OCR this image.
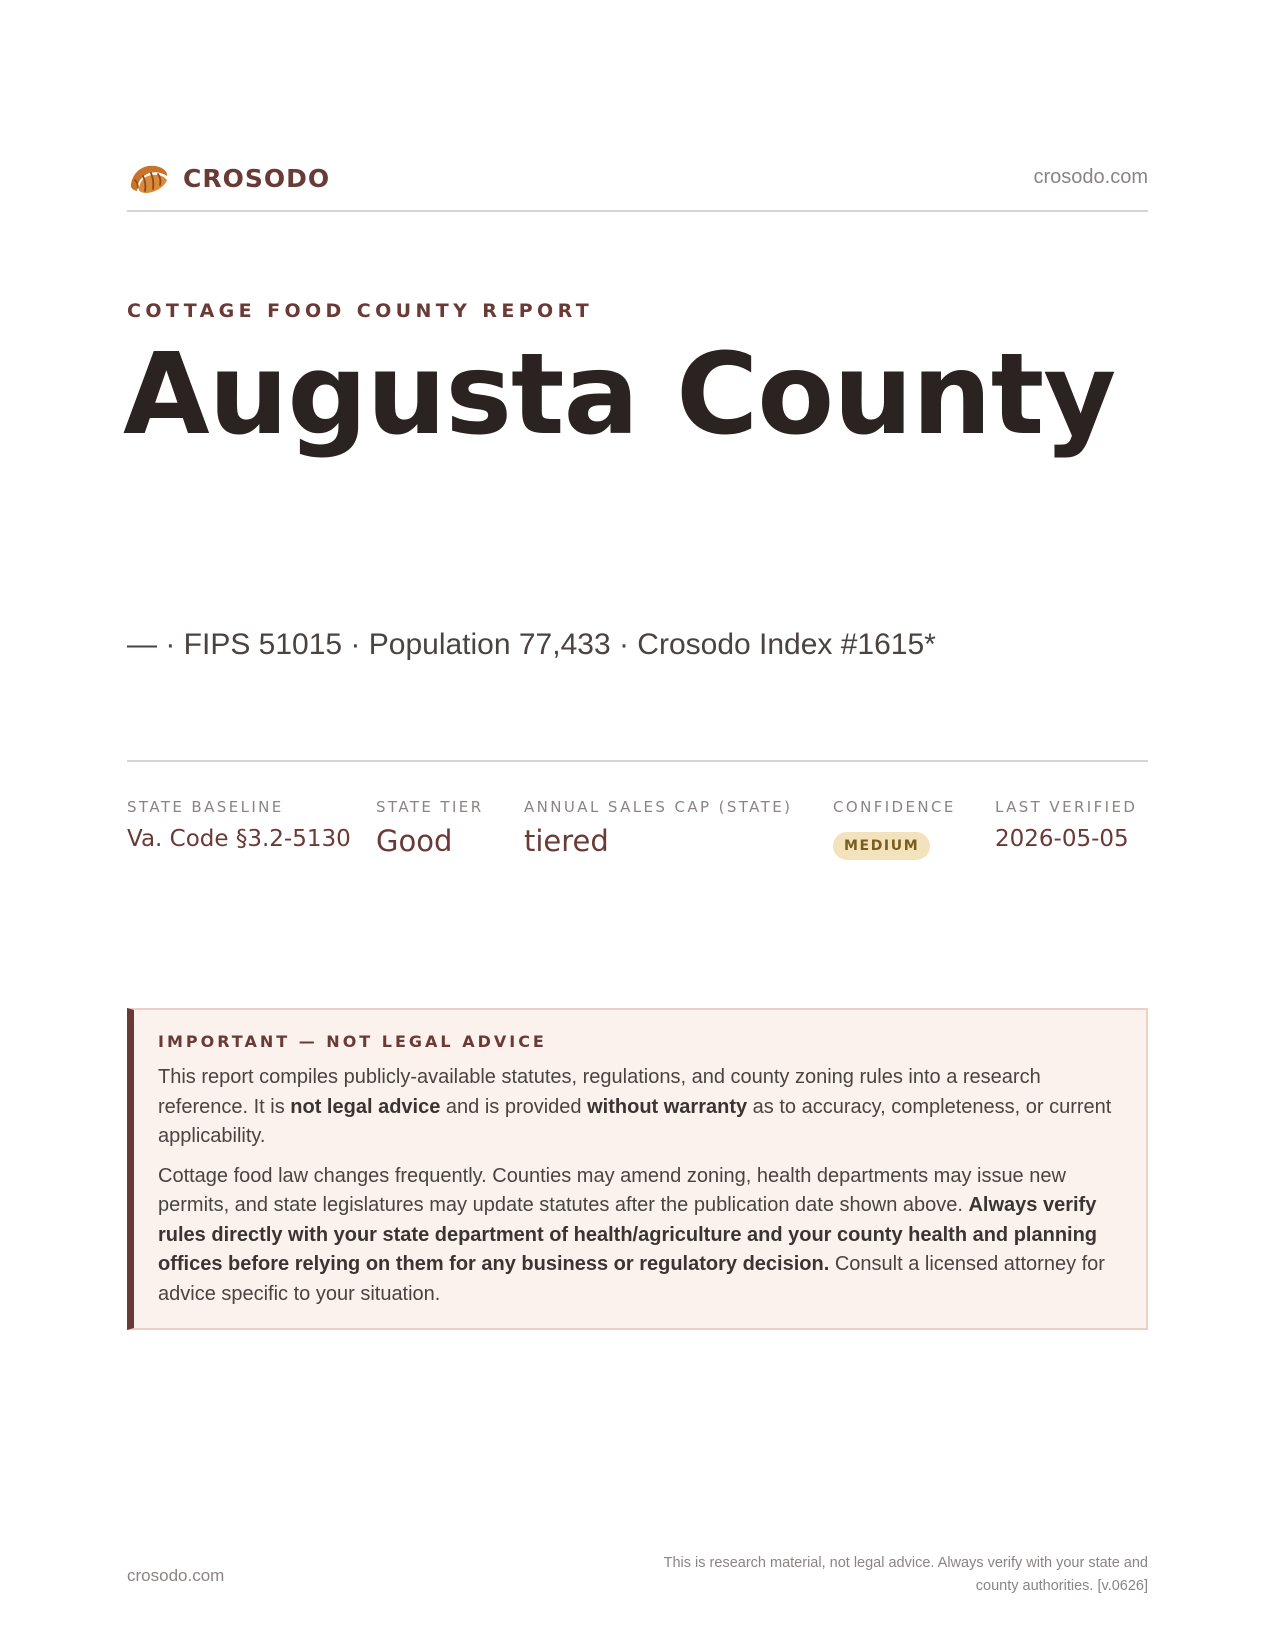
CROSODO	crosodo.com
COTTAGE FOOD COUNTY REPORT
Augusta County
— · FIPS 51015 · Population 77,433 · Crosodo Index #1615*
STATE BASELINE
Va. Code §3.2-5130
STATE TIER
Good
ANNUAL SALES CAP (STATE)
tiered
CONFIDENCE
MEDIUM
LAST VERIFIED
2026-05-05
IMPORTANT — NOT LEGAL ADVICE

This report compiles publicly-available statutes, regulations, and county zoning rules into a research reference. It is not legal advice and is provided without warranty as to accuracy, completeness, or current applicability.

Cottage food law changes frequently. Counties may amend zoning, health departments may issue new permits, and state legislatures may update statutes after the publication date shown above. Always verify rules directly with your state department of health/agriculture and your county health and planning offices before relying on them for any business or regulatory decision. Consult a licensed attorney for advice specific to your situation.

crosodo.com
This is research material, not legal advice. Always verify with your state and county authorities. [v.0626]
